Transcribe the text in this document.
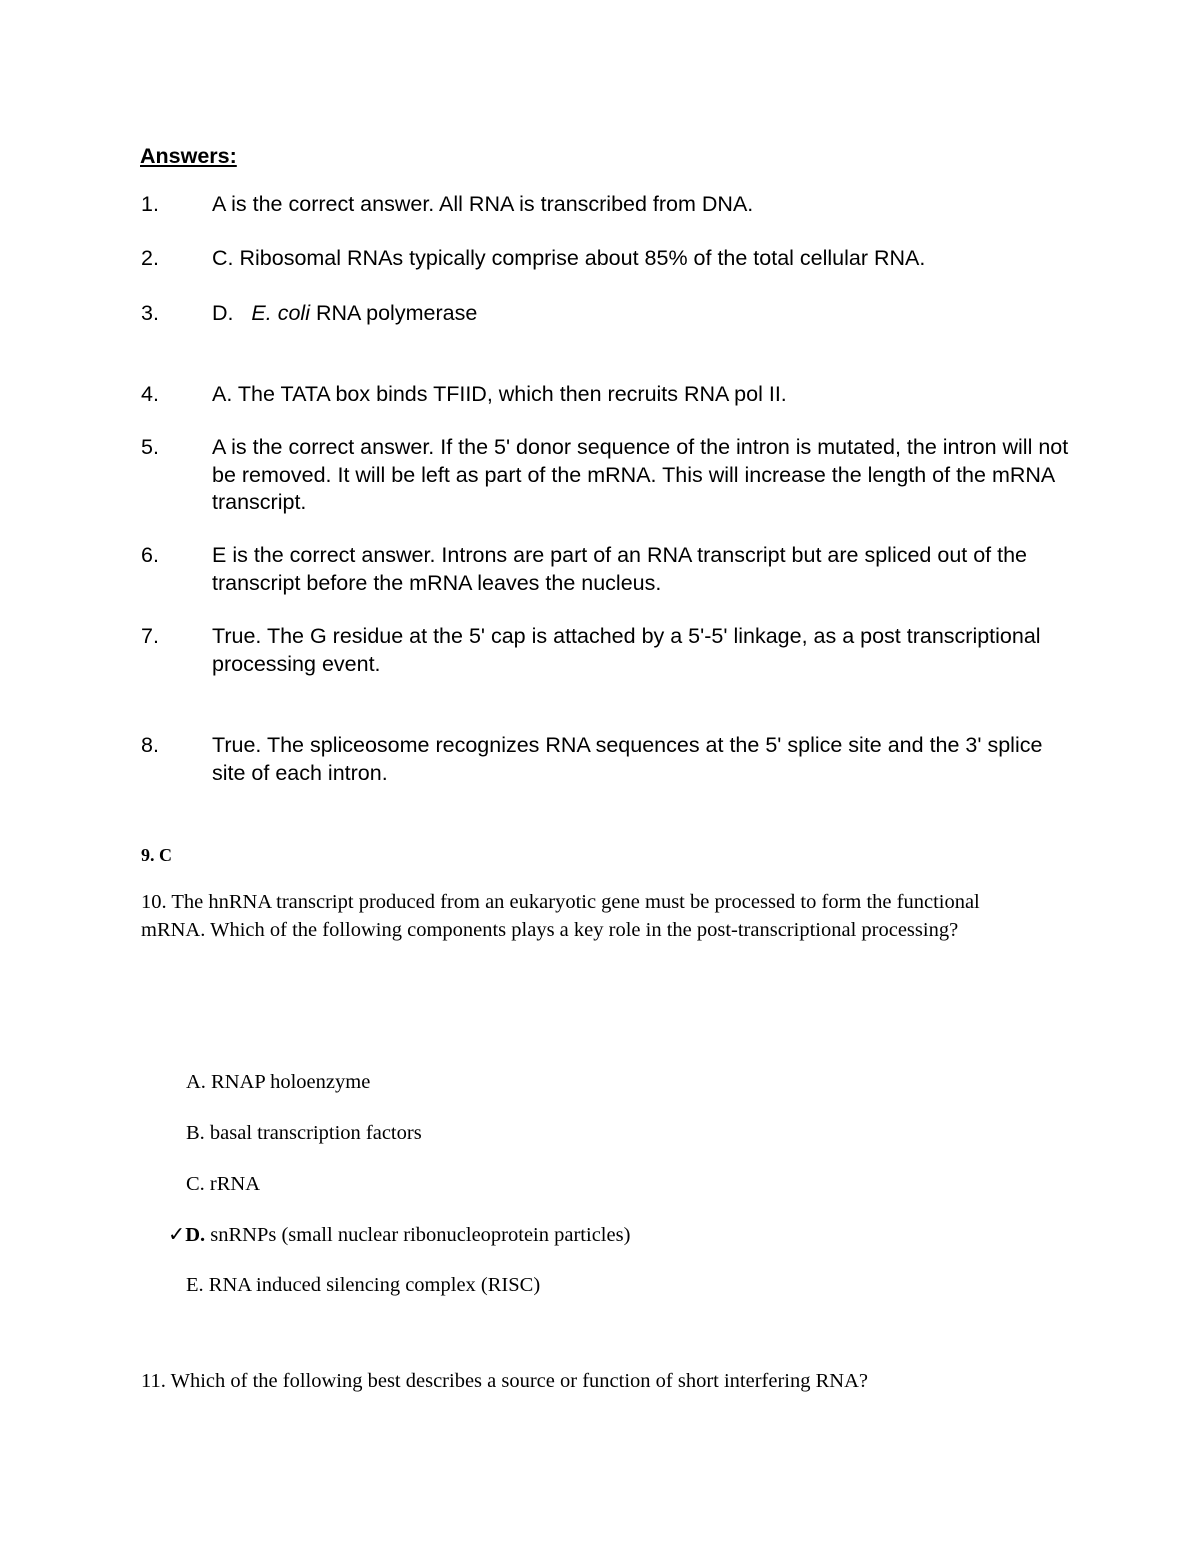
Answers:
1. A is the correct answer. All RNA is transcribed from DNA.
2. C. Ribosomal RNAs typically comprise about 85% of the total cellular RNA.
3. D.   E. coli RNA polymerase
4. A. The TATA box binds TFIID, which then recruits RNA pol II.
5. A is the correct answer. If the 5' donor sequence of the intron is mutated, the intron will not be removed. It will be left as part of the mRNA. This will increase the length of the mRNA transcript.
6. E is the correct answer. Introns are part of an RNA transcript but are spliced out of the transcript before the mRNA leaves the nucleus.
7. True. The G residue at the 5' cap is attached by a 5'-5' linkage, as a post transcriptional processing event.
8. True. The spliceosome recognizes RNA sequences at the 5' splice site and the 3' splice site of each intron.
9. C
10. The hnRNA transcript produced from an eukaryotic gene must be processed to form the functional mRNA. Which of the following components plays a key role in the post-transcriptional processing?
A. RNAP holoenzyme
B. basal transcription factors
C. rRNA
✓D. snRNPs (small nuclear ribonucleoprotein particles)
E. RNA induced silencing complex (RISC)
11. Which of the following best describes a source or function of short interfering RNA?
